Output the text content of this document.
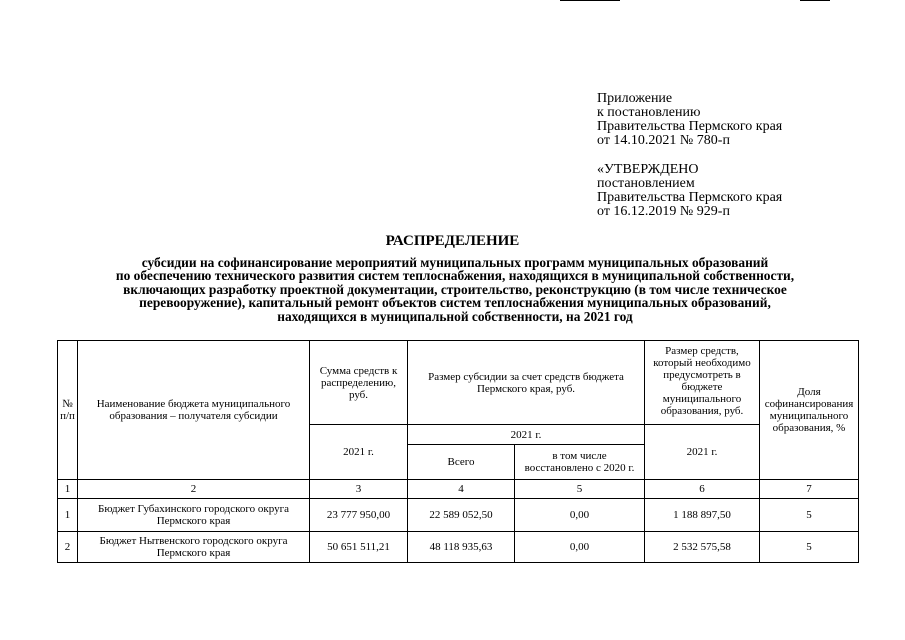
Приложение
к постановлению
Правительства Пермского края
от 14.10.2021 № 780-п
«УТВЕРЖДЕНО
постановлением
Правительства Пермского края
от 16.12.2019 № 929-п
РАСПРЕДЕЛЕНИЕ
субсидии на софинансирование мероприятий муниципальных программ муниципальных образований
по обеспечению технического развития систем теплоснабжения, находящихся в муниципальной собственности,
включающих разработку проектной документации, строительство, реконструкцию (в том числе техническое
перевооружение), капитальный ремонт объектов систем теплоснабжения муниципальных образований,
находящихся в муниципальной собственности, на 2021 год
№ п/п	Наименование бюджета муниципального образования – получателя субсидии	Сумма средств к распределению, руб.	Размер субсидии за счет средств бюджета Пермского края, руб.		Размер средств, который необходимо предусмотреть в бюджете муниципального образования, руб.	Доля софинансирования муниципального образования, %
		2021 г.	2021 г.		2021 г.	
			Всего	в том числе восстановлено с 2020 г.		
1	2	3	4	5	6	7
1	Бюджет Губахинского городского округа Пермского края	23 777 950,00	22 589 052,50	0,00	1 188 897,50	5
2	Бюджет Нытвенского городского округа Пермского края	50 651 511,21	48 118 935,63	0,00	2 532 575,58	5
